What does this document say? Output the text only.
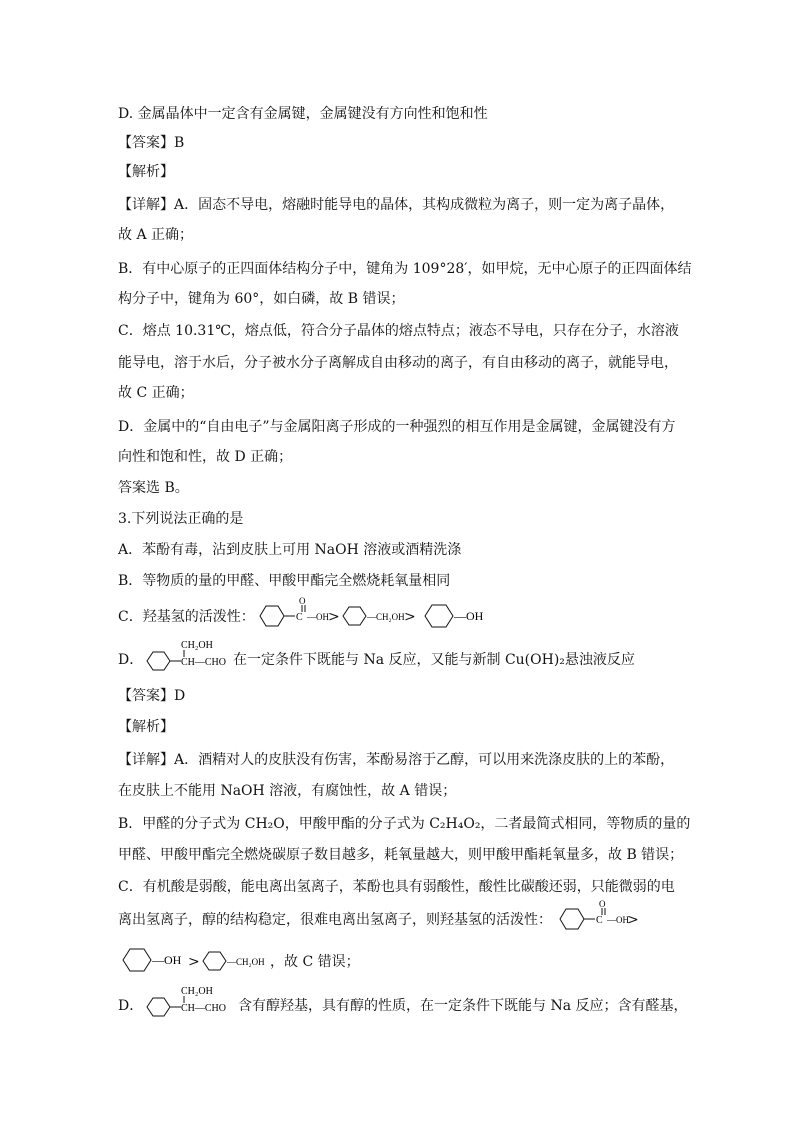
D. 金属晶体中一定含有金属键，金属键没有方向性和饱和性
【答案】B
【解析】
【详解】A．固态不导电，熔融时能导电的晶体，其构成微粒为离子，则一定为离子晶体，
故 A 正确；
B．有中心原子的正四面体结构分子中，键角为 109°28′，如甲烷，无中心原子的正四面体结
构分子中，键角为 60°，如白磷，故 B 错误；
C．熔点 10.31℃，熔点低，符合分子晶体的熔点特点；液态不导电，只存在分子，水溶液
能导电，溶于水后，分子被水分子离解成自由移动的离子，有自由移动的离子，就能导电，
故 C 正确；
D．金属中的“自由电子”与金属阳离子形成的一种强烈的相互作用是金属键，金属键没有方
向性和饱和性，故 D 正确；
答案选 B。
3.下列说法正确的是
A．苯酚有毒，沾到皮肤上可用 NaOH 溶液或酒精洗涤
B．等物质的量的甲醛、甲酸甲酯完全燃烧耗氧量相同
C．羟基氢的活泼性：
O
C —OH >	—CH₂OH >	—OH
D．
CH₂OH
CH—CHO 在一定条件下既能与 Na 反应，又能与新制 Cu(OH)₂悬浊液反应
【答案】D
【解析】
【详解】A．酒精对人的皮肤没有伤害，苯酚易溶于乙醇，可以用来洗涤皮肤的上的苯酚，
在皮肤上不能用 NaOH 溶液，有腐蚀性，故 A 错误；
B．甲醛的分子式为 CH₂O，甲酸甲酯的分子式为 C₂H₄O₂，二者最简式相同，等物质的量的
甲醛、甲酸甲酯完全燃烧碳原子数目越多，耗氧量越大，则甲酸甲酯耗氧量多，故 B 错误；
C．有机酸是弱酸，能电离出氢离子，苯酚也具有弱酸性，酸性比碳酸还弱，只能微弱的电
离出氢离子，醇的结构稳定，很难电离出氢离子，则羟基氢的活泼性：
O
C —OH
>
—OH >	—CH₂OH ，故 C 错误；
D．
CH₂OH
CH—CHO 含有醇羟基，具有醇的性质，在一定条件下既能与 Na 反应；含有醛基，
